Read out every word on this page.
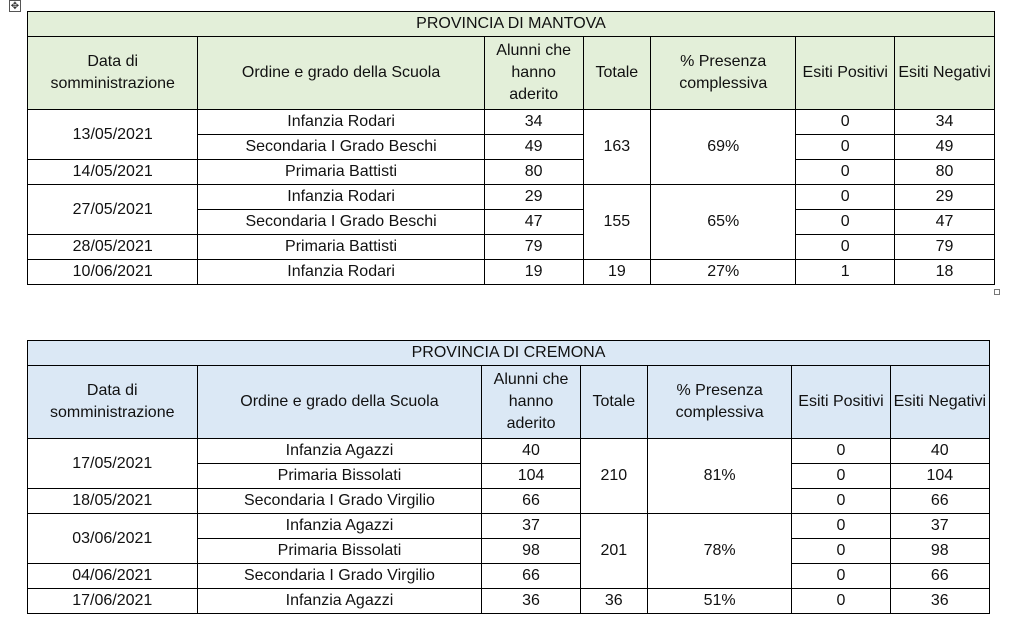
✥
PROVINCIA DI MANTOVA						
Data di somministrazione	Ordine e grado della Scuola	Alunni che hanno aderito	Totale	% Presenza complessiva	Esiti Positivi	Esiti Negativi
13/05/2021	Infanzia Rodari	34	163	69%	0	34
	Secondaria I Grado Beschi	49			0	49
14/05/2021	Primaria Battisti	80			0	80
27/05/2021	Infanzia Rodari	29	155	65%	0	29
	Secondaria I Grado Beschi	47			0	47
28/05/2021	Primaria Battisti	79			0	79
10/06/2021	Infanzia Rodari	19	19	27%	1	18
PROVINCIA DI CREMONA						
Data di somministrazione	Ordine e grado della Scuola	Alunni che hanno aderito	Totale	% Presenza complessiva	Esiti Positivi	Esiti Negativi
17/05/2021	Infanzia Agazzi	40	210	81%	0	40
	Primaria Bissolati	104			0	104
18/05/2021	Secondaria I Grado Virgilio	66			0	66
03/06/2021	Infanzia Agazzi	37	201	78%	0	37
	Primaria Bissolati	98			0	98
04/06/2021	Secondaria I Grado Virgilio	66			0	66
17/06/2021	Infanzia Agazzi	36	36	51%	0	36
